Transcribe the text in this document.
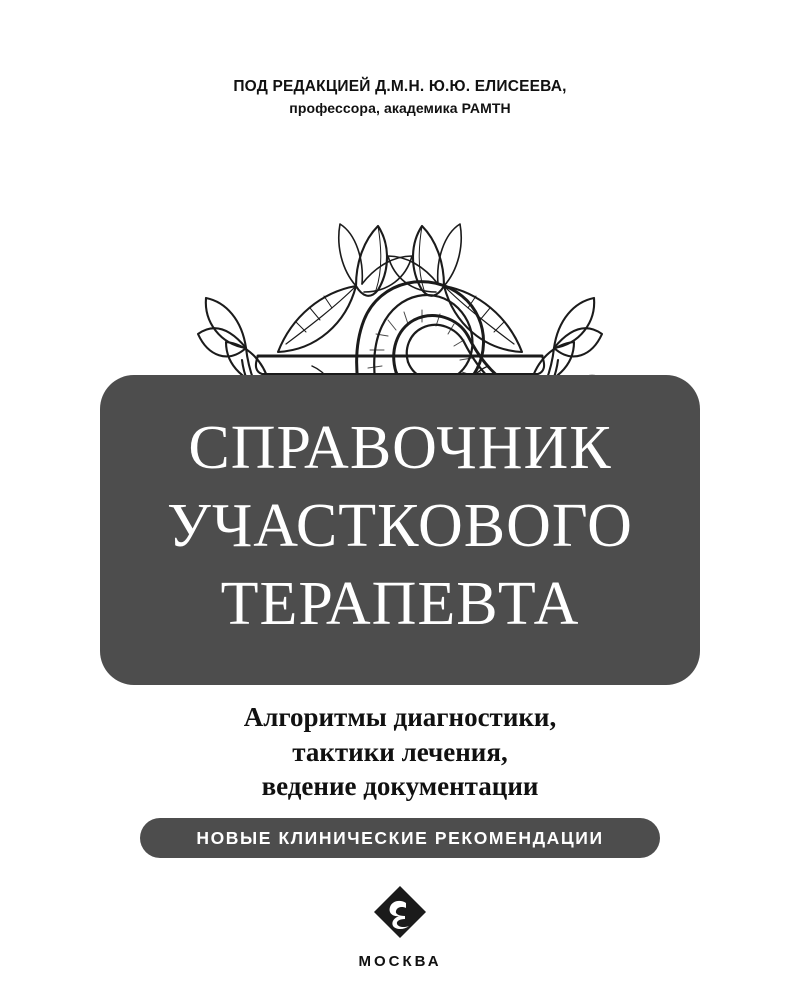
ПОД РЕДАКЦИЕЙ Д.М.Н. Ю.Ю. ЕЛИСЕЕВА,
профессора, академика РАМТН
СПРАВОЧНИК
УЧАСТКОВОГО
ТЕРАПЕВТА
Алгоритмы диагностики,
тактики лечения,
ведение документации
НОВЫЕ КЛИНИЧЕСКИЕ РЕКОМЕНДАЦИИ
МОСКВА
